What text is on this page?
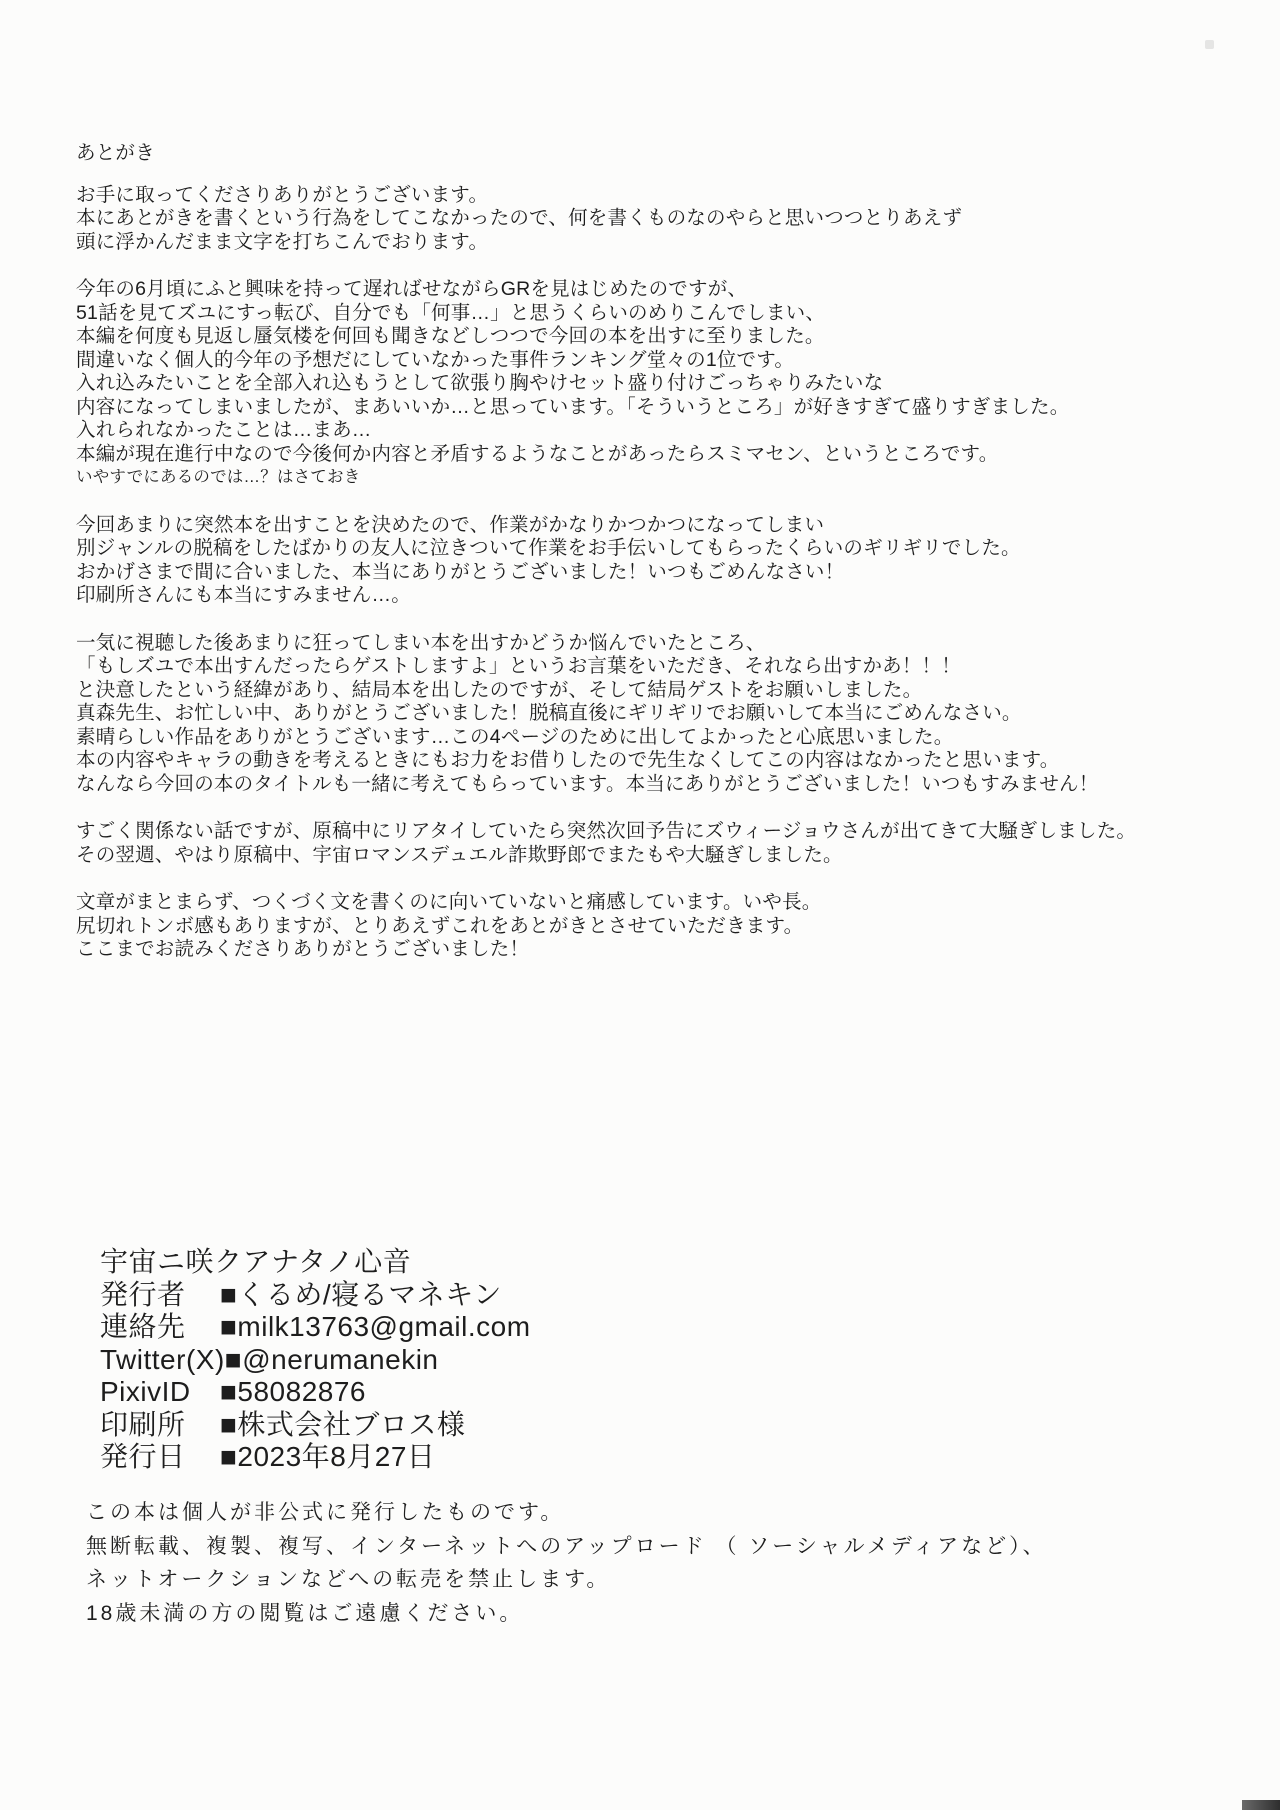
あとがき
お手に取ってくださりありがとうございます。
本にあとがきを書くという行為をしてこなかったので、何を書くものなのやらと思いつつとりあえず
頭に浮かんだまま文字を打ちこんでおります。
今年の6月頃にふと興味を持って遅ればせながらGRを見はじめたのですが、
51話を見てズユにすっ転び、自分でも「何事…」と思うくらいのめりこんでしまい、
本編を何度も見返し蜃気楼を何回も聞きなどしつつで今回の本を出すに至りました。
間違いなく個人的今年の予想だにしていなかった事件ランキング堂々の1位です。
入れ込みたいことを全部入れ込もうとして欲張り胸やけセット盛り付けごっちゃりみたいな
内容になってしまいましたが、まあいいか…と思っています。「そういうところ」が好きすぎて盛りすぎました。
入れられなかったことは…まあ…
本編が現在進行中なので今後何か内容と矛盾するようなことがあったらスミマセン、というところです。
いやすでにあるのでは…？はさておき
今回あまりに突然本を出すことを決めたので、作業がかなりかつかつになってしまい
別ジャンルの脱稿をしたばかりの友人に泣きついて作業をお手伝いしてもらったくらいのギリギリでした。
おかげさまで間に合いました、本当にありがとうございました！いつもごめんなさい！
印刷所さんにも本当にすみません…。
一気に視聴した後あまりに狂ってしまい本を出すかどうか悩んでいたところ、
「もしズユで本出すんだったらゲストしますよ」というお言葉をいただき、それなら出すかあ！！！
と決意したという経緯があり、結局本を出したのですが、そして結局ゲストをお願いしました。
真森先生、お忙しい中、ありがとうございました！脱稿直後にギリギリでお願いして本当にごめんなさい。
素晴らしい作品をありがとうございます…この4ページのために出してよかったと心底思いました。
本の内容やキャラの動きを考えるときにもお力をお借りしたので先生なくしてこの内容はなかったと思います。
なんなら今回の本のタイトルも一緒に考えてもらっています。本当にありがとうございました！いつもすみません！
すごく関係ない話ですが、原稿中にリアタイしていたら突然次回予告にズウィージョウさんが出てきて大騒ぎしました。
その翌週、やはり原稿中、宇宙ロマンスデュエル詐欺野郎でまたもや大騒ぎしました。
文章がまとまらず、つくづく文を書くのに向いていないと痛感しています。いや長。
尻切れトンボ感もありますが、とりあえずこれをあとがきとさせていただきます。
ここまでお読みくださりありがとうございました！
宇宙ニ咲クアナタノ心音
発行者	■くるめ/寝るマネキン
連絡先	■milk13763@gmail.com
Twitter(X) ■@nerumanekin
PixivID	■58082876
印刷所	■株式会社ブロス様
発行日	■2023年8月27日
この本は個人が非公式に発行したものです。
無断転載、複製、複写、インターネットへのアップロード （ ソーシャルメディアなど）、
ネットオークションなどへの転売を禁止します。
18歳未満の方の閲覧はご遠慮ください。
